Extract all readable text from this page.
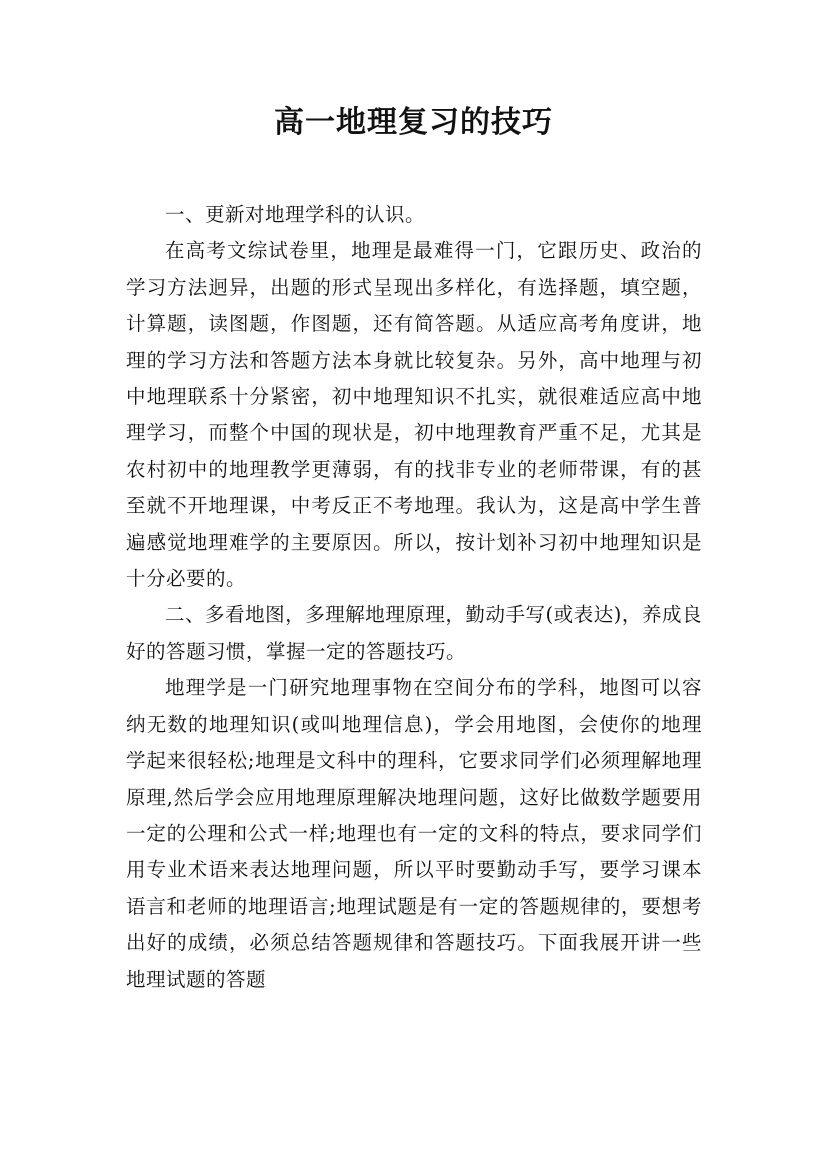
高一地理复习的技巧

一、更新对地理学科的认识。

在高考文综试卷里，地理是最难得一门，它跟历史、政治的学习方法迥异，出题的形式呈现出多样化，有选择题，填空题，计算题，读图题，作图题，还有简答题。从适应高考角度讲，地理的学习方法和答题方法本身就比较复杂。另外，高中地理与初中地理联系十分紧密，初中地理知识不扎实，就很难适应高中地理学习，而整个中国的现状是，初中地理教育严重不足，尤其是农村初中的地理教学更薄弱，有的找非专业的老师带课，有的甚至就不开地理课，中考反正不考地理。我认为，这是高中学生普遍感觉地理难学的主要原因。所以，按计划补习初中地理知识是十分必要的。

二、多看地图，多理解地理原理，勤动手写(或表达)，养成良好的答题习惯，掌握一定的答题技巧。

地理学是一门研究地理事物在空间分布的学科，地图可以容纳无数的地理知识(或叫地理信息)，学会用地图，会使你的地理学起来很轻松;地理是文科中的理科，它要求同学们必须理解地理原理,然后学会应用地理原理解决地理问题，这好比做数学题要用一定的公理和公式一样;地理也有一定的文科的特点，要求同学们用专业术语来表达地理问题，所以平时要勤动手写，要学习课本语言和老师的地理语言;地理试题是有一定的答题规律的，要想考出好的成绩，必须总结答题规律和答题技巧。下面我展开讲一些地理试题的答题
